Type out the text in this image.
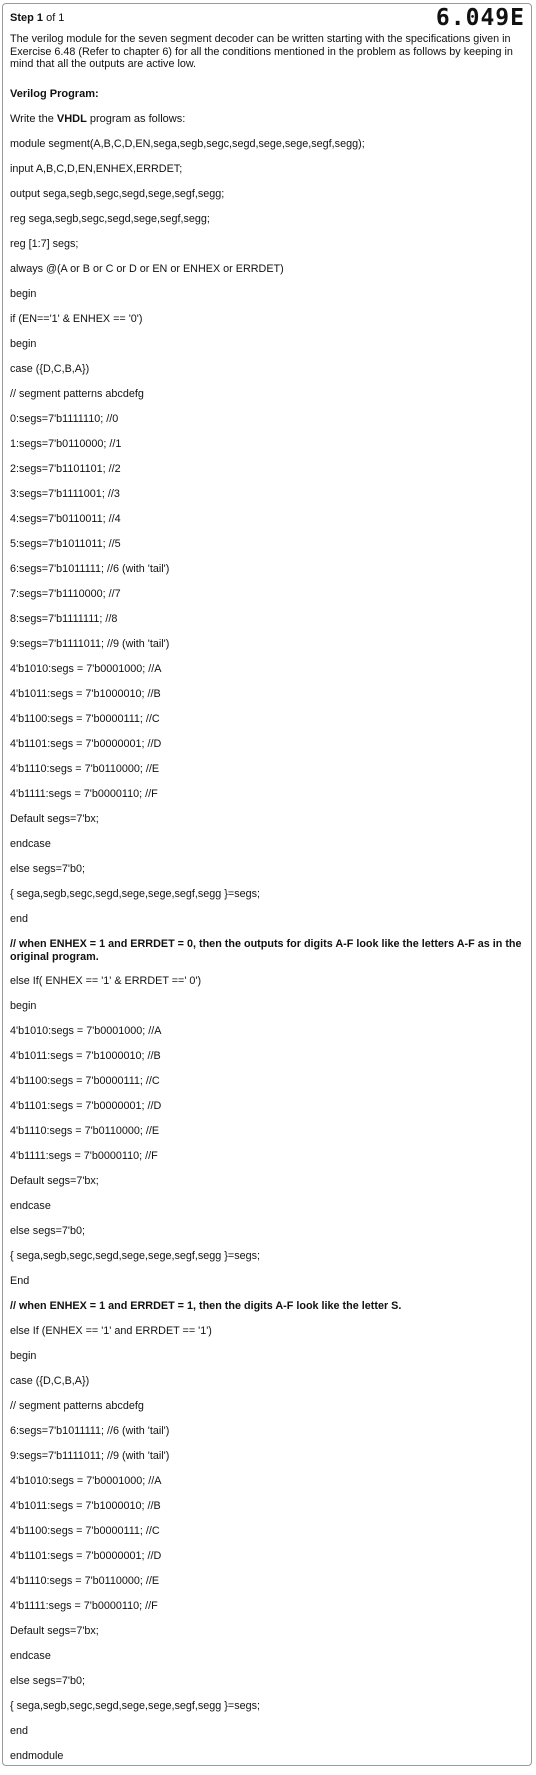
Step 1 of 1	6.049E
The verilog module for the seven segment decoder can be written starting with the specifications given in Exercise 6.48 (Refer to chapter 6) for all the conditions mentioned in the problem as follows by keeping in mind that all the outputs are active low.
Verilog Program:
Write the VHDL program as follows:
module segment(A,B,C,D,EN,sega,segb,segc,segd,sege,sege,segf,segg);
input A,B,C,D,EN,ENHEX,ERRDET;
output sega,segb,segc,segd,sege,segf,segg;
reg sega,segb,segc,segd,sege,segf,segg;
reg [1:7] segs;
always @(A or B or C or D or EN or ENHEX or ERRDET)
begin
if (EN=='1' & ENHEX == '0')
begin
case ({D,C,B,A})
// segment patterns abcdefg
0:segs=7'b1111110; //0
1:segs=7'b0110000; //1
2:segs=7'b1101101; //2
3:segs=7'b1111001; //3
4:segs=7'b0110011; //4
5:segs=7'b1011011; //5
6:segs=7'b1011111; //6 (with 'tail')
7:segs=7'b1110000; //7
8:segs=7'b1111111; //8
9:segs=7'b1111011; //9 (with 'tail')
4'b1010:segs = 7'b0001000; //A
4'b1011:segs = 7'b1000010; //B
4'b1100:segs = 7'b0000111; //C
4'b1101:segs = 7'b0000001; //D
4'b1110:segs = 7'b0110000; //E
4'b1111:segs = 7'b0000110; //F
Default segs=7'bx;
endcase
else segs=7'b0;
{ sega,segb,segc,segd,sege,sege,segf,segg }=segs;
end
// when ENHEX = 1 and ERRDET = 0, then the outputs for digits A-F look like the letters A-F as in the original program.
else If( ENHEX == '1' & ERRDET ==' 0')
begin
4'b1010:segs = 7'b0001000; //A
4'b1011:segs = 7'b1000010; //B
4'b1100:segs = 7'b0000111; //C
4'b1101:segs = 7'b0000001; //D
4'b1110:segs = 7'b0110000; //E
4'b1111:segs = 7'b0000110; //F
Default segs=7'bx;
endcase
else segs=7'b0;
{ sega,segb,segc,segd,sege,sege,segf,segg }=segs;
End
// when ENHEX = 1 and ERRDET = 1, then the digits A-F look like the letter S.
else If (ENHEX == '1' and ERRDET == '1')
begin
case ({D,C,B,A})
// segment patterns abcdefg
6:segs=7'b1011111; //6 (with 'tail')
9:segs=7'b1111011; //9 (with 'tail')
4'b1010:segs = 7'b0001000; //A
4'b1011:segs = 7'b1000010; //B
4'b1100:segs = 7'b0000111; //C
4'b1101:segs = 7'b0000001; //D
4'b1110:segs = 7'b0110000; //E
4'b1111:segs = 7'b0000110; //F
Default segs=7'bx;
endcase
else segs=7'b0;
{ sega,segb,segc,segd,sege,sege,segf,segg }=segs;
end
endmodule
